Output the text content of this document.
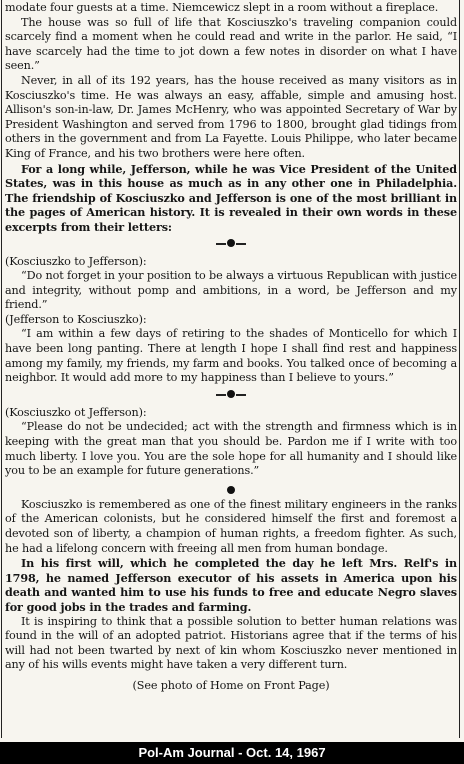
modate four guests at a time. Niemcewicz slept in a room without a fireplace.

The house was so full of life that Kosciuszko's traveling companion could scarcely find a moment when he could read and write in the parlor. He said, “I have scarcely had the time to jot down a few notes in disorder on what I have seen.”

Never, in all of its 192 years, has the house received as many visitors as in Kosciuszko's time. He was always an easy, affable, simple and amusing host. Allison's son-in-law, Dr. James McHenry, who was appointed Secretary of War by President Washington and served from 1796 to 1800, brought glad tidings from others in the government and from La Fayette. Louis Philippe, who later became King of France, and his two brothers were here often.

For a long while, Jefferson, while he was Vice President of the United States, was in this house as much as in any other one in Philadelphia. The friendship of Kosciuszko and Jefferson is one of the most brilliant in the pages of American history. It is revealed in their own words in these excerpts from their letters:

(Kosciuszko to Jefferson):

“Do not forget in your position to be always a virtuous Republican with justice and integrity, without pomp and ambitions, in a word, be Jefferson and my friend.”

(Jefferson to Kosciuszko):

“I am within a few days of retiring to the shades of Monticello for which I have been long panting. There at length I hope I shall find rest and happiness among my family, my friends, my farm and books. You talked once of becoming a neighbor. It would add more to my happiness than I believe to yours.”

(Kosciuszko ot Jefferson):

“Please do not be undecided; act with the strength and firmness which is in keeping with the great man that you should be. Pardon me if I write with too much liberty. I love you. You are the sole hope for all humanity and I should like you to be an example for future generations.”

Kosciuszko is remembered as one of the finest military engineers in the ranks of the American colonists, but he considered himself the first and foremost a devoted son of liberty, a champion of human rights, a freedom fighter. As such, he had a lifelong concern with freeing all men from human bondage.

In his first will, which he completed the day he left Mrs. Relf's in 1798, he named Jefferson executor of his assets in America upon his death and wanted him to use his funds to free and educate Negro slaves for good jobs in the trades and farming.

It is inspiring to think that a possible solution to better human relations was found in the will of an adopted patriot. Historians agree that if the terms of his will had not been twarted by next of kin whom Kosciuszko never mentioned in any of his wills events might have taken a very different turn.

(See photo of Home on Front Page)

Pol-Am Journal - Oct. 14, 1967
